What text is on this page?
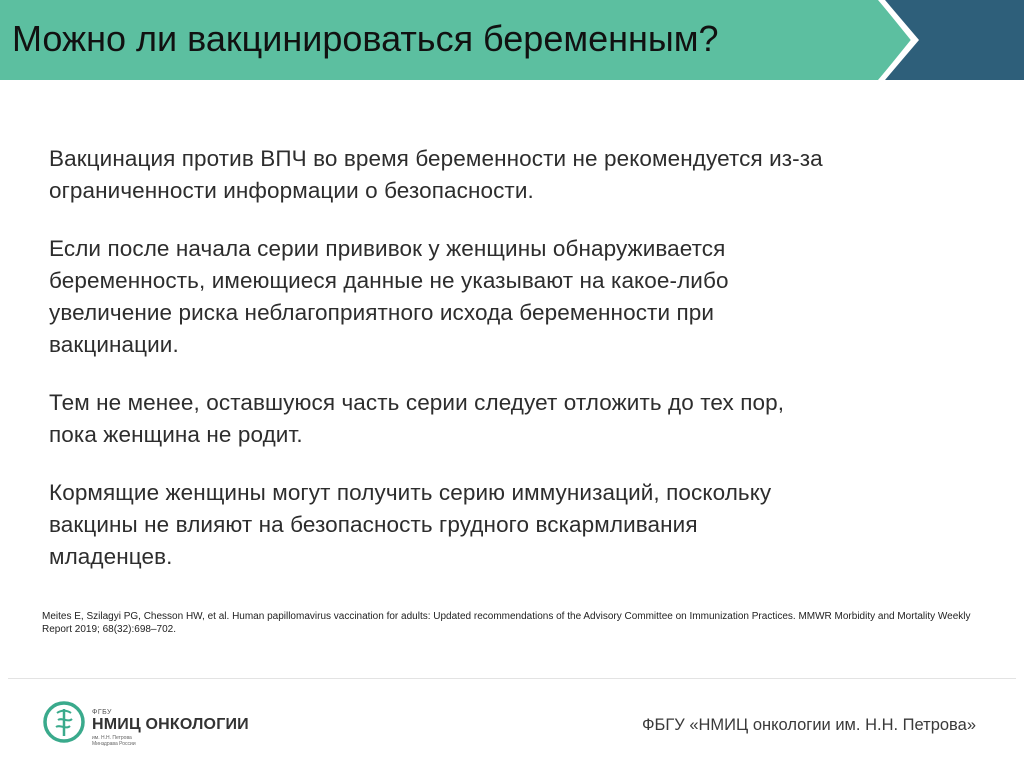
Можно ли вакцинироваться беременным?

Вакцинация против ВПЧ во время беременности не рекомендуется из-за
ограниченности информации о безопасности.

Если после начала серии прививок у женщины обнаруживается
беременность, имеющиеся данные не указывают на какое-либо
увеличение риска неблагоприятного исхода беременности при
вакцинации.

Тем не менее, оставшуюся часть серии следует отложить до тех пор,
пока женщина не родит.

Кормящие женщины могут получить серию иммунизаций, поскольку
вакцины не влияют на безопасность грудного вскармливания
младенцев.

Meites E, Szilagyi PG, Chesson HW, et al. Human papillomavirus vaccination for adults: Updated recommendations of the Advisory Committee on Immunization Practices. MMWR Morbidity and Mortality Weekly Report 2019; 68(32):698–702.
ФГБУ
НМИЦ ОНКОЛОГИИ
им. Н.Н. Петрова
Минздрава России
ФБГУ «НМИЦ онкологии им. Н.Н. Петрова»
